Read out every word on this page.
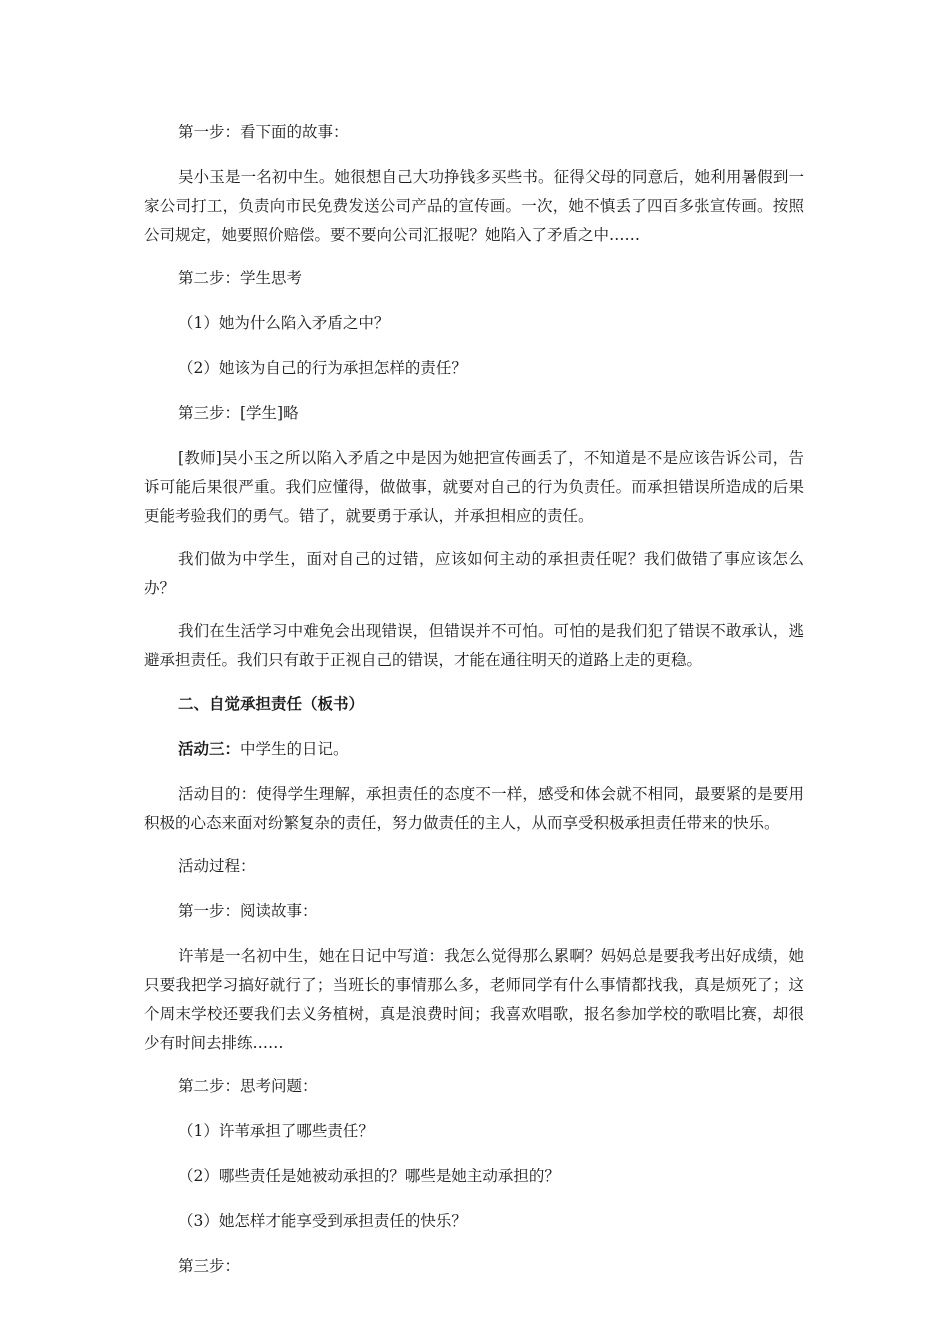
第一步：看下面的故事：

吴小玉是一名初中生。她很想自己大功挣钱多买些书。征得父母的同意后，她利用暑假到一家公司打工，负责向市民免费发送公司产品的宣传画。一次，她不慎丢了四百多张宣传画。按照公司规定，她要照价赔偿。要不要向公司汇报呢？她陷入了矛盾之中……

第二步：学生思考

（1）她为什么陷入矛盾之中？

（2）她该为自己的行为承担怎样的责任？

第三步：[学生]略

[教师]吴小玉之所以陷入矛盾之中是因为她把宣传画丢了，不知道是不是应该告诉公司，告诉可能后果很严重。我们应懂得，做做事，就要对自己的行为负责任。而承担错误所造成的后果更能考验我们的勇气。错了，就要勇于承认，并承担相应的责任。

我们做为中学生，面对自己的过错，应该如何主动的承担责任呢？我们做错了事应该怎么办？

我们在生活学习中难免会出现错误，但错误并不可怕。可怕的是我们犯了错误不敢承认，逃避承担责任。我们只有敢于正视自己的错误，才能在通往明天的道路上走的更稳。

二、自觉承担责任（板书）

活动三：中学生的日记。

活动目的：使得学生理解，承担责任的态度不一样，感受和体会就不相同，最要紧的是要用积极的心态来面对纷繁复杂的责任，努力做责任的主人，从而享受积极承担责任带来的快乐。

活动过程：

第一步：阅读故事：

许苇是一名初中生，她在日记中写道：我怎么觉得那么累啊？妈妈总是要我考出好成绩，她只要我把学习搞好就行了；当班长的事情那么多，老师同学有什么事情都找我，真是烦死了；这个周末学校还要我们去义务植树，真是浪费时间；我喜欢唱歌，报名参加学校的歌唱比赛，却很少有时间去排练……

第二步：思考问题：

（1）许苇承担了哪些责任？

（2）哪些责任是她被动承担的？哪些是她主动承担的？

（3）她怎样才能享受到承担责任的快乐？

第三步：
